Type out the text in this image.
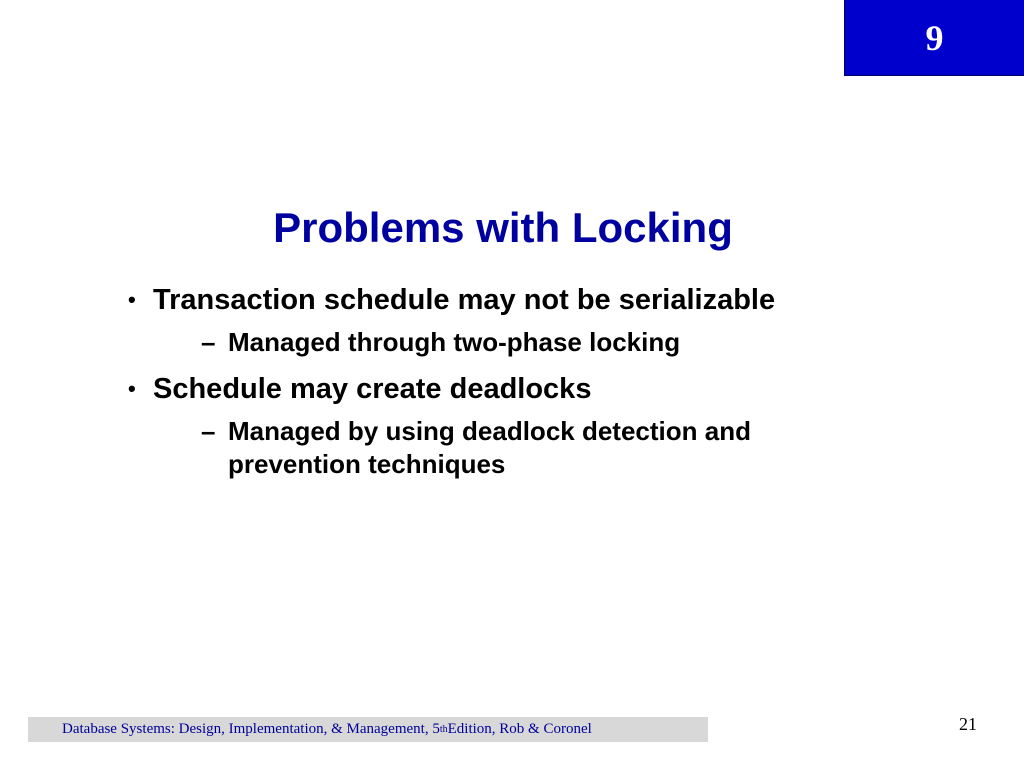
9
Problems with Locking
• Transaction schedule may not be serializable
– Managed through two-phase locking
• Schedule may create deadlocks
– Managed by using deadlock detection and prevention techniques
Database Systems: Design, Implementation, & Management, 5 th Edition, Rob & Coronel	21
